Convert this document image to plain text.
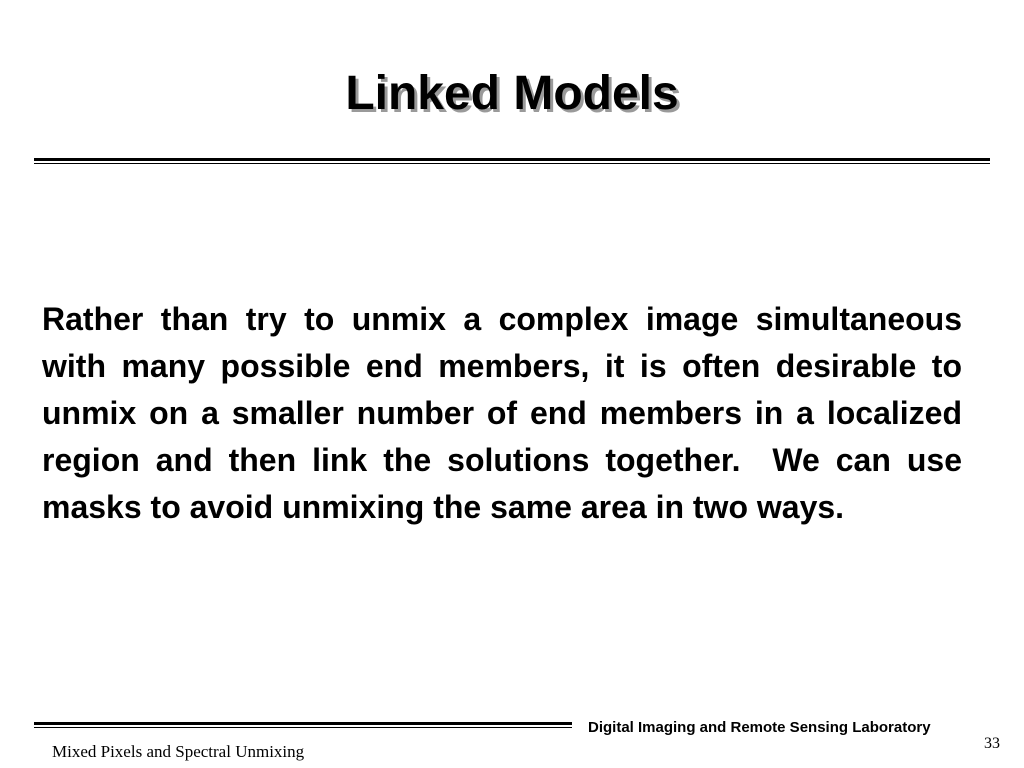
Linked Models

Rather than try to unmix a complex image simultaneous with many possible end members, it is often desirable to unmix on a smaller number of end members in a localized region and then link the solutions together.  We can use masks to avoid unmixing the same area in two ways.

Digital Imaging and Remote Sensing Laboratory
Mixed Pixels and Spectral Unmixing	33
